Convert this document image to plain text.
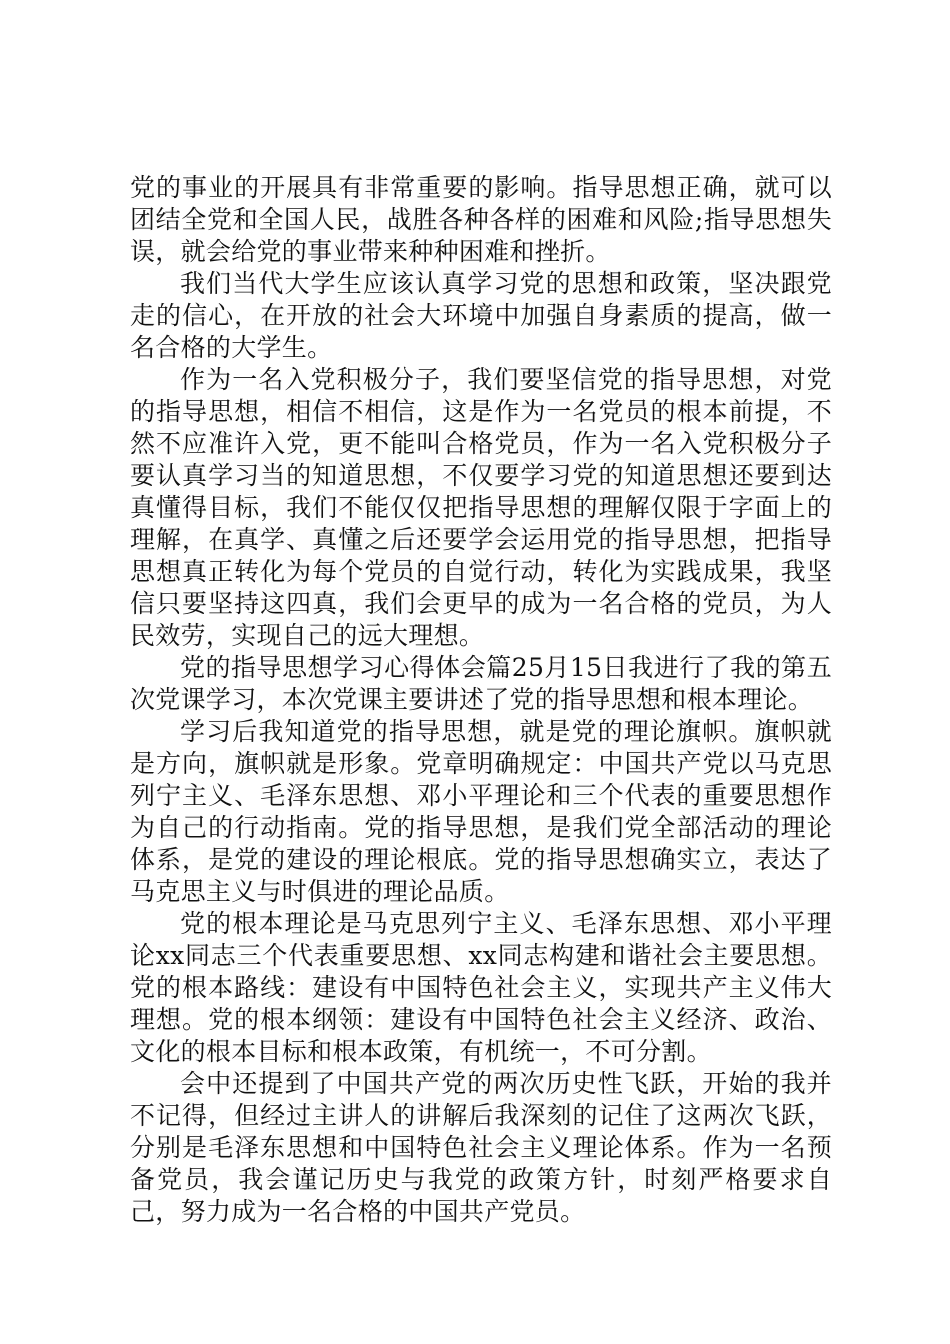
党的事业的开展具有非常重要的影响。指导思想正确，就可以团结全党和全国人民，战胜各种各样的困难和风险;指导思想失误，就会给党的事业带来种种困难和挫折。

我们当代大学生应该认真学习党的思想和政策，坚决跟党走的信心，在开放的社会大环境中加强自身素质的提高，做一名合格的大学生。

作为一名入党积极分子，我们要坚信党的指导思想，对党的指导思想，相信不相信，这是作为一名党员的根本前提，不然不应准许入党，更不能叫合格党员，作为一名入党积极分子要认真学习当的知道思想，不仅要学习党的知道思想还要到达真懂得目标，我们不能仅仅把指导思想的理解仅限于字面上的理解，在真学、真懂之后还要学会运用党的指导思想，把指导思想真正转化为每个党员的自觉行动，转化为实践成果，我坚信只要坚持这四真，我们会更早的成为一名合格的党员，为人民效劳，实现自己的远大理想。

党的指导思想学习心得体会篇25月15日我进行了我的第五次党课学习，本次党课主要讲述了党的指导思想和根本理论。

学习后我知道党的指导思想，就是党的理论旗帜。旗帜就是方向，旗帜就是形象。党章明确规定：中国共产党以马克思列宁主义、毛泽东思想、邓小平理论和三个代表的重要思想作为自己的行动指南。党的指导思想，是我们党全部活动的理论体系，是党的建设的理论根底。党的指导思想确实立，表达了马克思主义与时俱进的理论品质。

党的根本理论是马克思列宁主义、毛泽东思想、邓小平理论xx同志三个代表重要思想、xx同志构建和谐社会主要思想。党的根本路线：建设有中国特色社会主义，实现共产主义伟大理想。党的根本纲领：建设有中国特色社会主义经济、政治、文化的根本目标和根本政策，有机统一，不可分割。

会中还提到了中国共产党的两次历史性飞跃，开始的我并不记得，但经过主讲人的讲解后我深刻的记住了这两次飞跃，分别是毛泽东思想和中国特色社会主义理论体系。作为一名预备党员，我会谨记历史与我党的政策方针，时刻严格要求自己，努力成为一名合格的中国共产党员。
